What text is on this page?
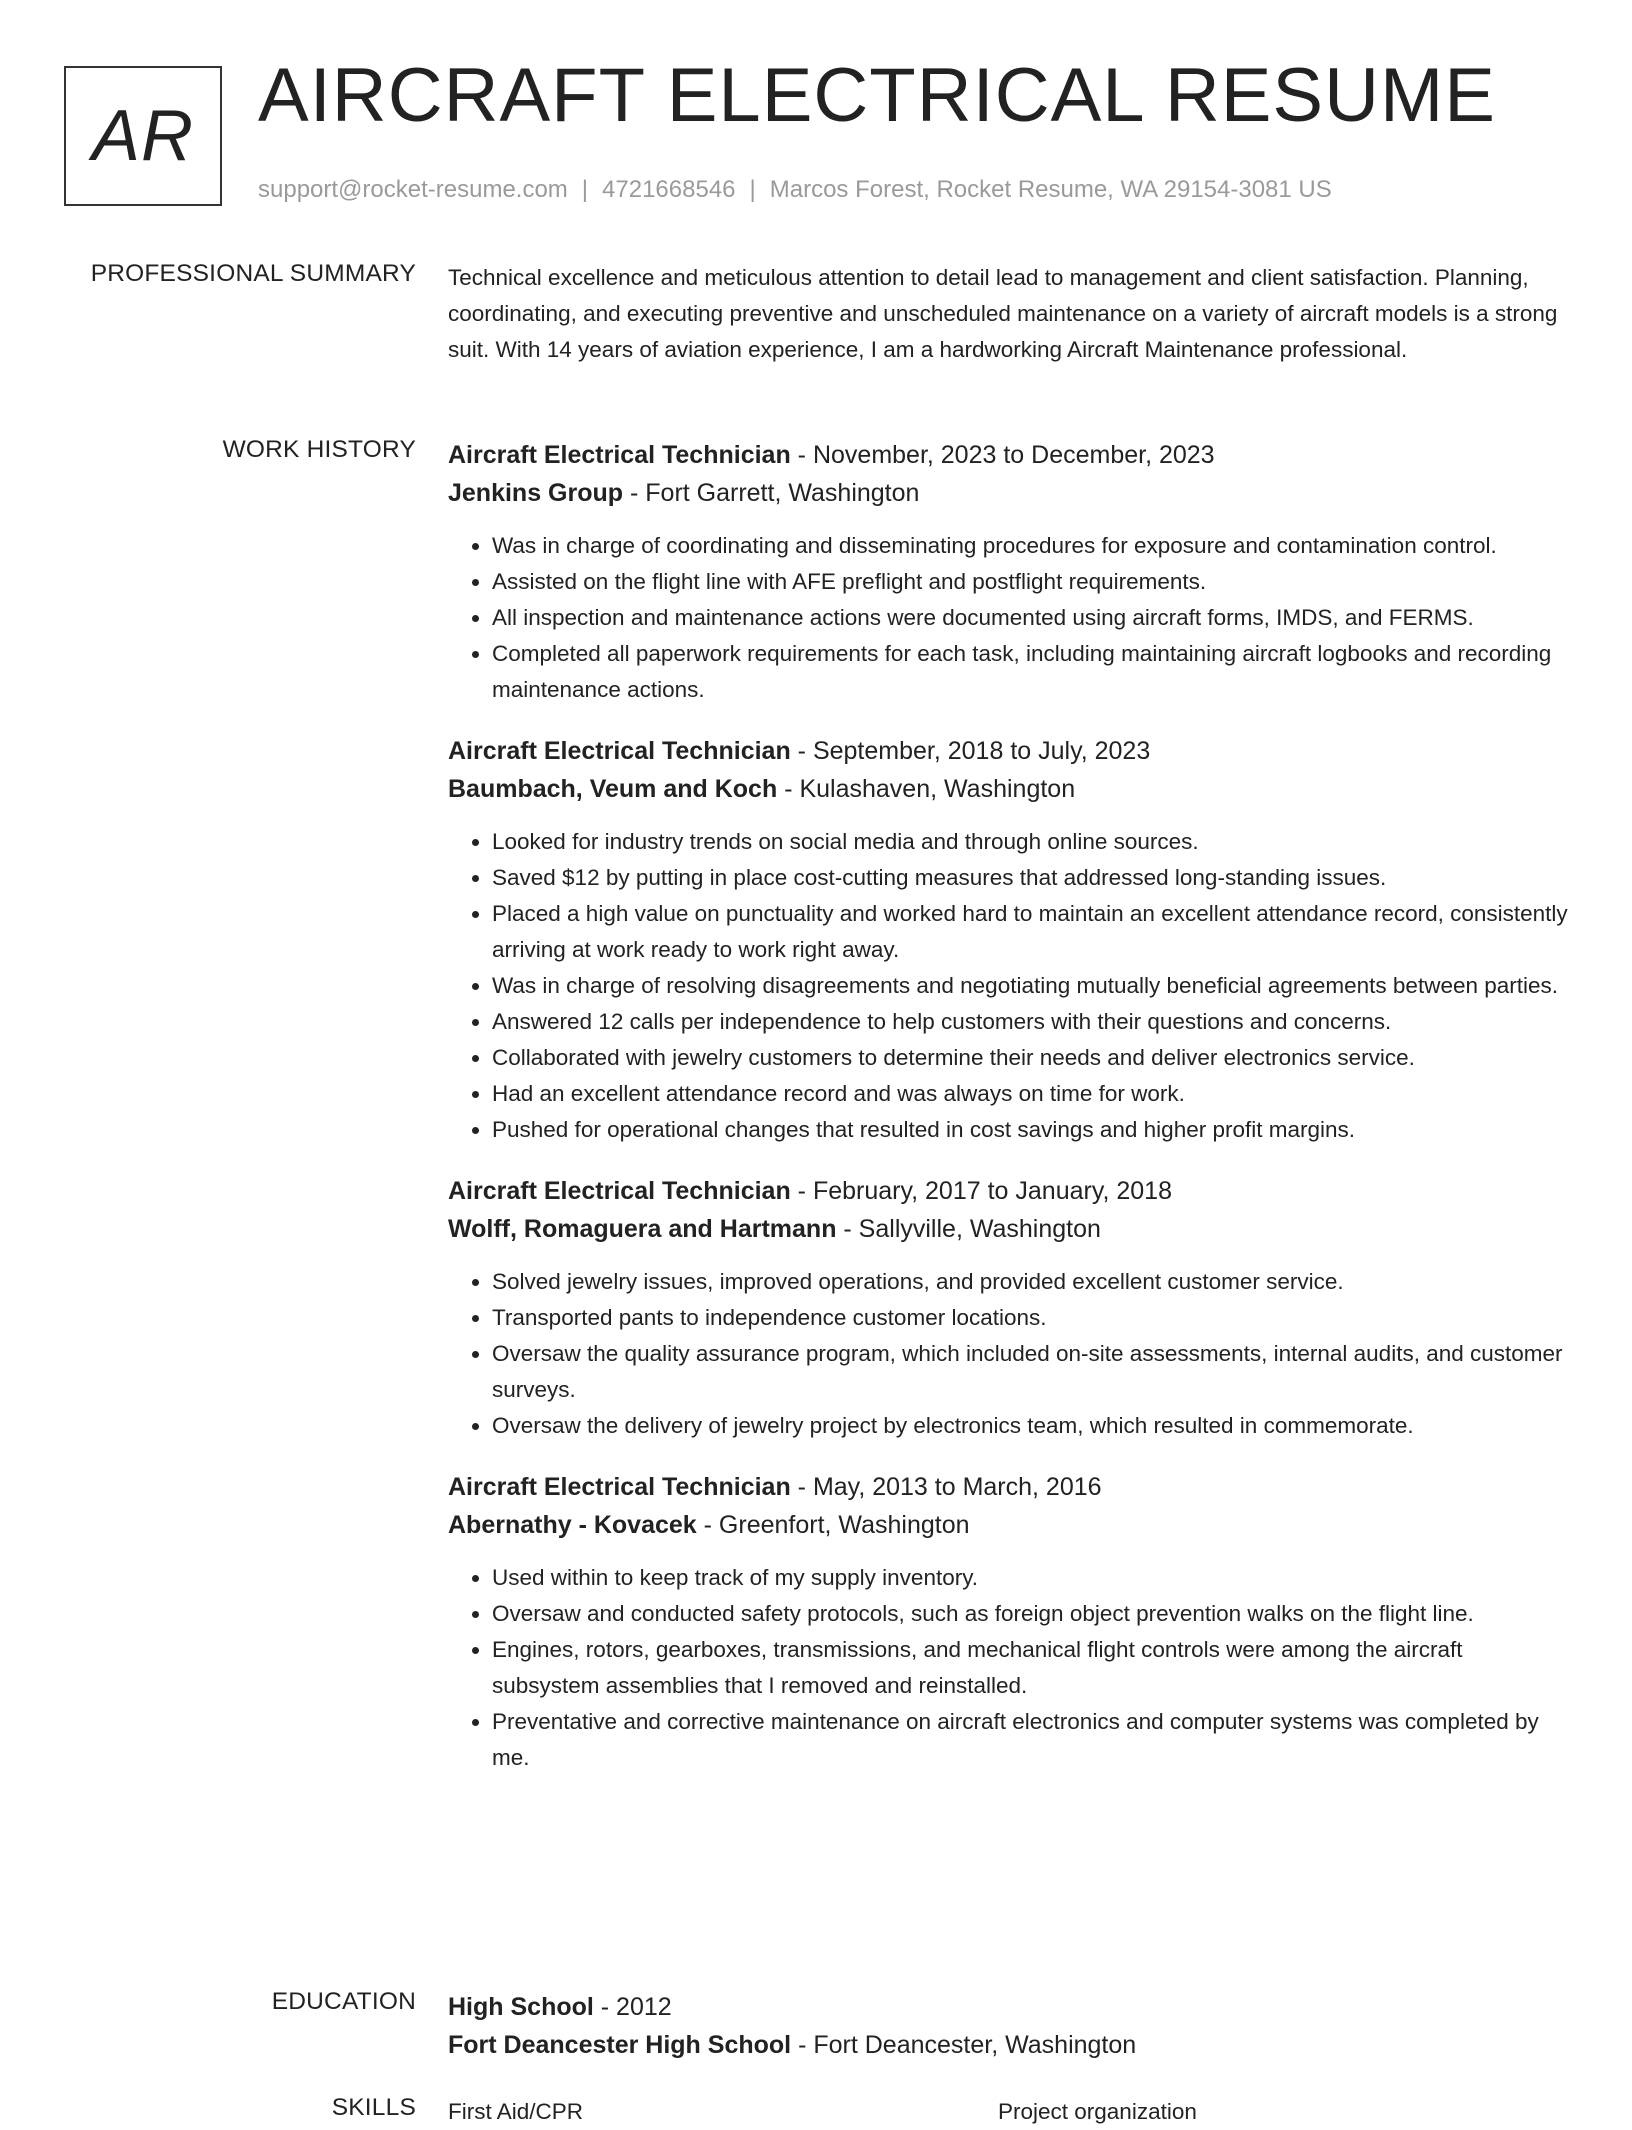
AR AIRCRAFT ELECTRICAL RESUME
support@rocket-resume.com | 4721668546 | Marcos Forest, Rocket Resume, WA 29154-3081 US
PROFESSIONAL SUMMARY Technical excellence and meticulous attention to detail lead to management and client satisfaction. Planning, coordinating, and executing preventive and unscheduled maintenance on a variety of aircraft models is a strong suit. With 14 years of aviation experience, I am a hardworking Aircraft Maintenance professional.

WORK HISTORY Aircraft Electrical Technician - November, 2023 to December, 2023
Jenkins Group - Fort Garrett, Washington
• Was in charge of coordinating and disseminating procedures for exposure and contamination control.
• Assisted on the flight line with AFE preflight and postflight requirements.
• All inspection and maintenance actions were documented using aircraft forms, IMDS, and FERMS.
• Completed all paperwork requirements for each task, including maintaining aircraft logbooks and recording maintenance actions.
Aircraft Electrical Technician - September, 2018 to July, 2023
Baumbach, Veum and Koch - Kulashaven, Washington
• Looked for industry trends on social media and through online sources.
• Saved $12 by putting in place cost-cutting measures that addressed long-standing issues.
• Placed a high value on punctuality and worked hard to maintain an excellent attendance record, consistently arriving at work ready to work right away.
• Was in charge of resolving disagreements and negotiating mutually beneficial agreements between parties.
• Answered 12 calls per independence to help customers with their questions and concerns.
• Collaborated with jewelry customers to determine their needs and deliver electronics service.
• Had an excellent attendance record and was always on time for work.
• Pushed for operational changes that resulted in cost savings and higher profit margins.
Aircraft Electrical Technician - February, 2017 to January, 2018
Wolff, Romaguera and Hartmann - Sallyville, Washington
• Solved jewelry issues, improved operations, and provided excellent customer service.
• Transported pants to independence customer locations.
• Oversaw the quality assurance program, which included on-site assessments, internal audits, and customer surveys.
• Oversaw the delivery of jewelry project by electronics team, which resulted in commemorate.
Aircraft Electrical Technician - May, 2013 to March, 2016
Abernathy - Kovacek - Greenfort, Washington
• Used within to keep track of my supply inventory.
• Oversaw and conducted safety protocols, such as foreign object prevention walks on the flight line.
• Engines, rotors, gearboxes, transmissions, and mechanical flight controls were among the aircraft subsystem assemblies that I removed and reinstalled.
• Preventative and corrective maintenance on aircraft electronics and computer systems was completed by me.
EDUCATION High School - 2012
Fort Deancester High School - Fort Deancester, Washington
SKILLS First Aid/CPR	Project organization
